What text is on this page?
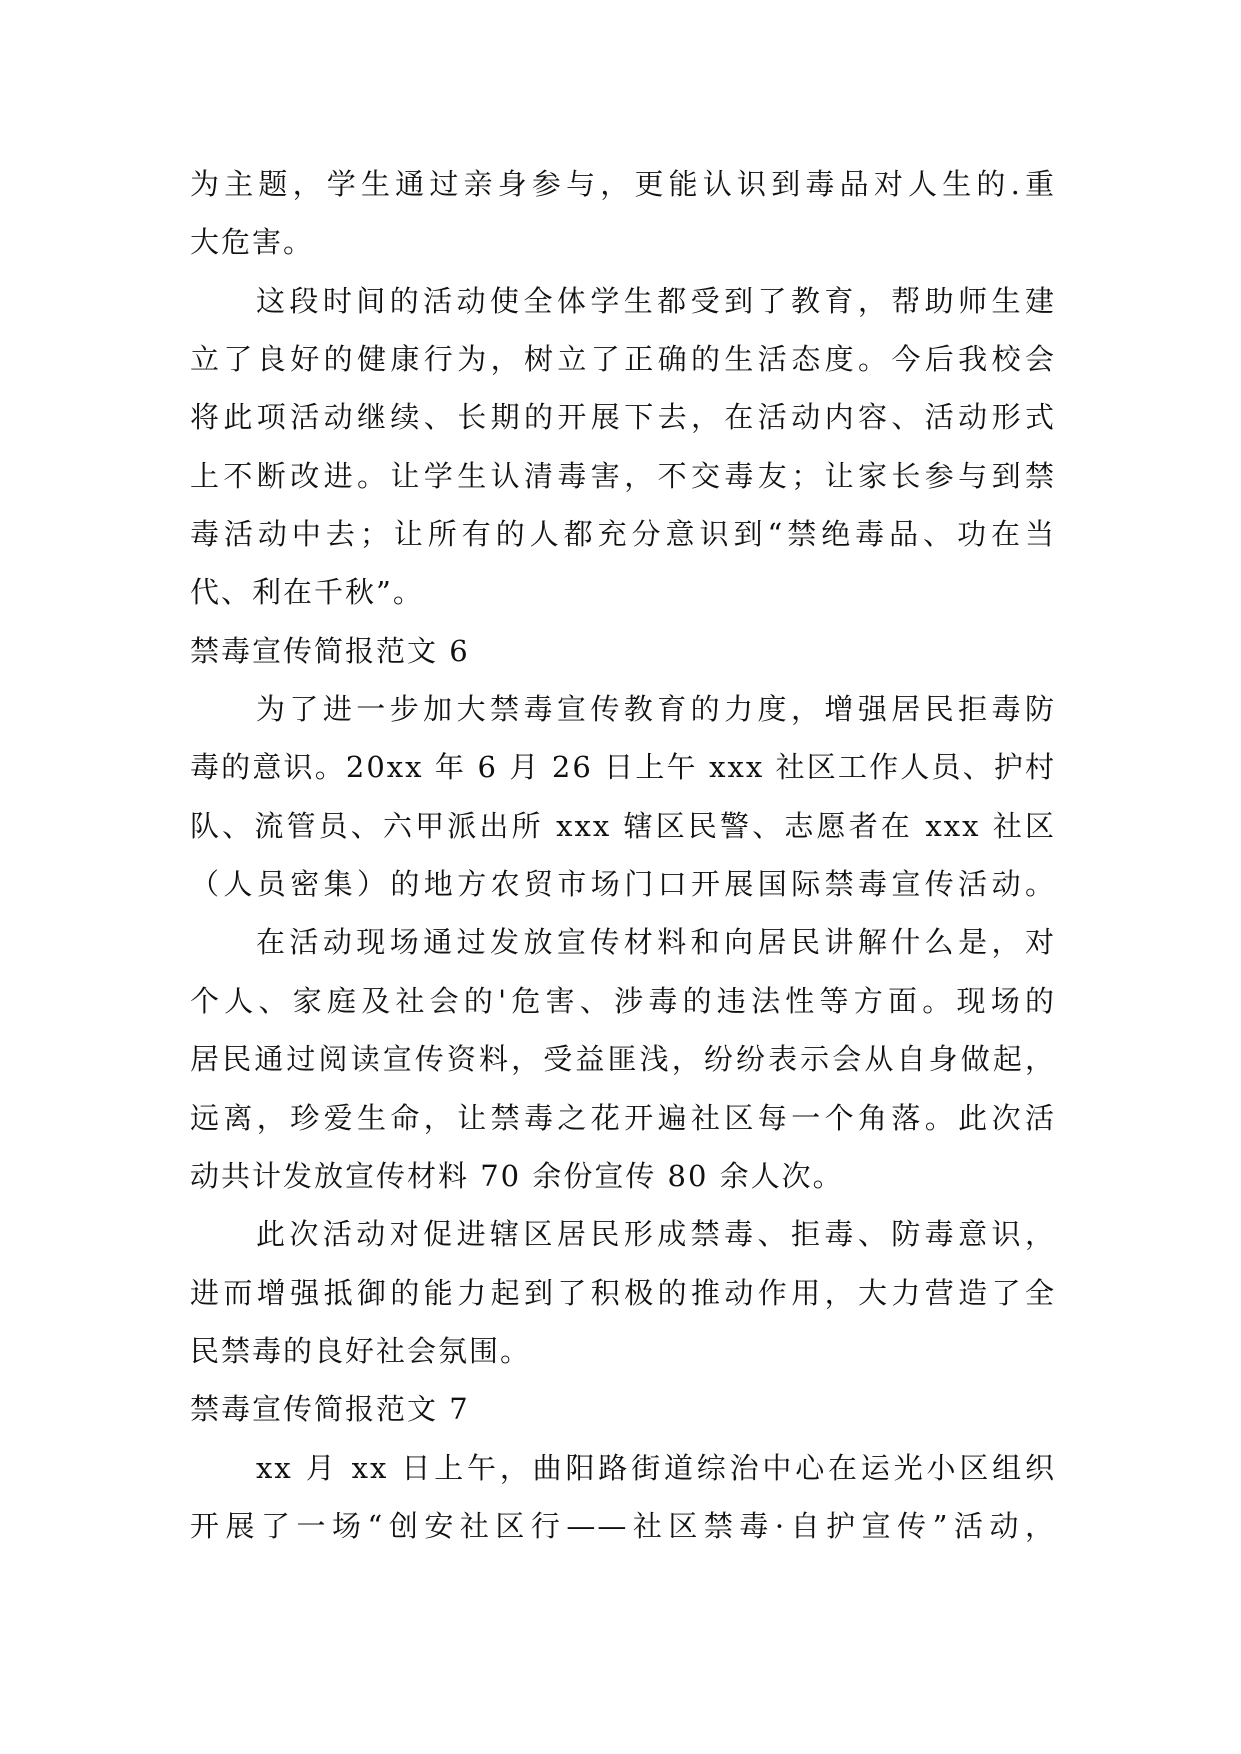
为主题，学生通过亲身参与，更能认识到毒品对人生的.重
大危害。
这段时间的活动使全体学生都受到了教育，帮助师生建
立了良好的健康行为，树立了正确的生活态度。今后我校会
将此项活动继续、长期的开展下去，在活动内容、活动形式
上不断改进。让学生认清毒害，不交毒友；让家长参与到禁
毒活动中去；让所有的人都充分意识到“禁绝毒品、功在当
代、利在千秋”。
禁毒宣传简报范文 6
为了进一步加大禁毒宣传教育的力度，增强居民拒毒防
毒的意识。20xx 年 6 月 26 日上午 xxx 社区工作人员、护村
队、流管员、六甲派出所 xxx 辖区民警、志愿者在 xxx 社区
（人员密集）的地方农贸市场门口开展国际禁毒宣传活动。
在活动现场通过发放宣传材料和向居民讲解什么是，对
个人、家庭及社会的'危害、涉毒的违法性等方面。现场的
居民通过阅读宣传资料，受益匪浅，纷纷表示会从自身做起，
远离，珍爱生命，让禁毒之花开遍社区每一个角落。此次活
动共计发放宣传材料 70 余份宣传 80 余人次。
此次活动对促进辖区居民形成禁毒、拒毒、防毒意识，
进而增强抵御的能力起到了积极的推动作用，大力营造了全
民禁毒的良好社会氛围。
禁毒宣传简报范文 7
xx 月 xx 日上午，曲阳路街道综治中心在运光小区组织
开展了一场“创安社区行——社区禁毒·自护宣传”活动，
